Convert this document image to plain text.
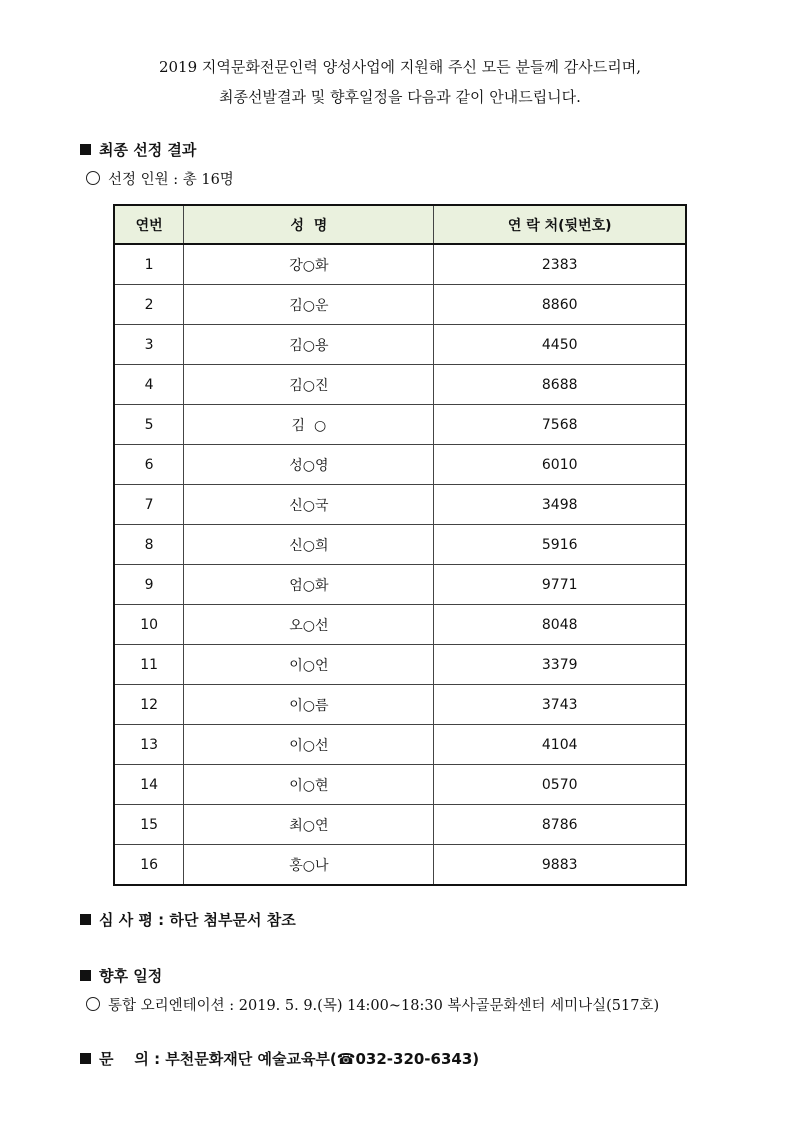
2019 지역문화전문인력 양성사업에 지원해 주신 모든 분들께 감사드리며,
최종선발결과 및 향후일정을 다음과 같이 안내드립니다.
최종 선정 결과
선정 인원 : 총 16명
연번	성  명	연 락 처(뒷번호)
1	강○화	2383
2	김○운	8860
3	김○용	4450
4	김○진	8688
5	김  ○	7568
6	성○영	6010
7	신○국	3498
8	신○희	5916
9	엄○화	9771
10	오○선	8048
11	이○언	3379
12	이○름	3743
13	이○선	4104
14	이○현	0570
15	최○연	8786
16	홍○나	9883
심 사 평 : 하단 첨부문서 참조
향후 일정
통합 오리엔테이션 : 2019. 5. 9.(목) 14:00~18:30 복사골문화센터 세미나실(517호)
문    의 : 부천문화재단 예술교육부(☎032-320-6343)
